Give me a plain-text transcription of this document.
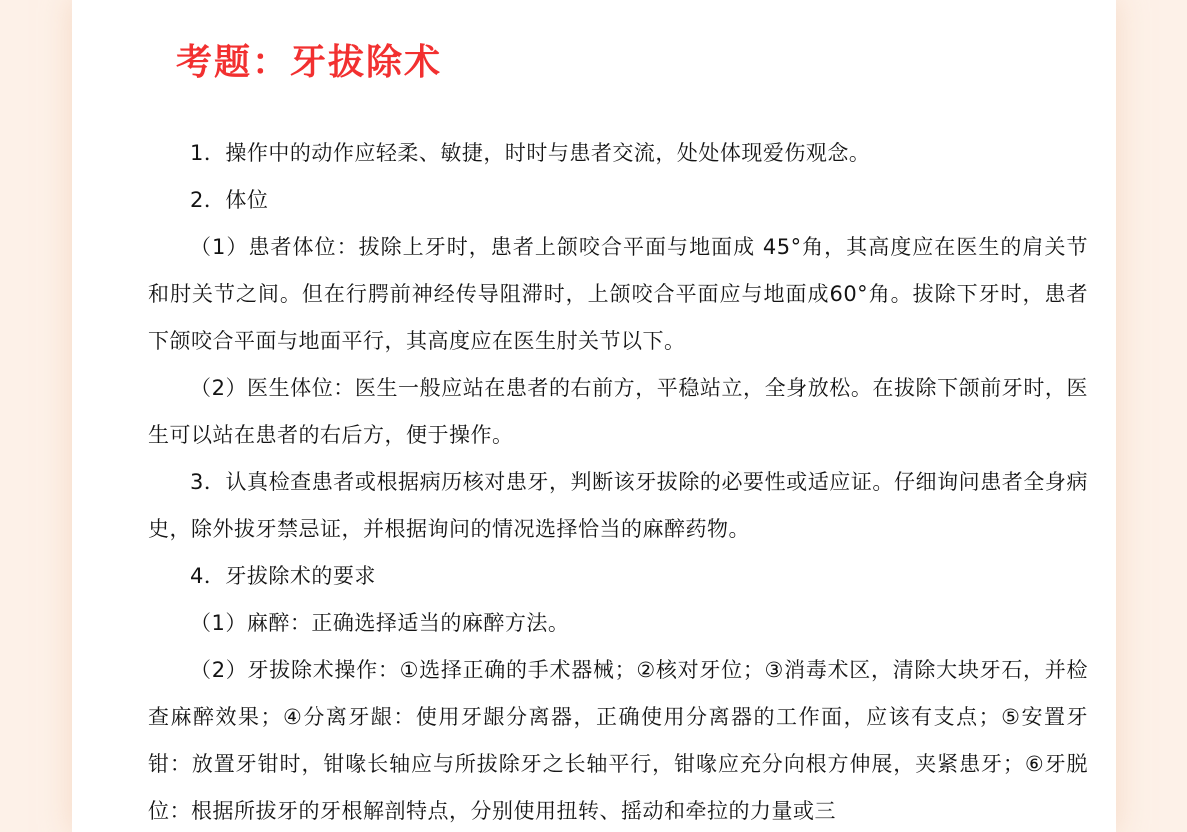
考题：牙拔除术

1．操作中的动作应轻柔、敏捷，时时与患者交流，处处体现爱伤观念。

2．体位

（1）患者体位：拔除上牙时，患者上颌咬合平面与地面成 45°角，其高度应在医生的肩关节和肘关节之间。但在行腭前神经传导阻滞时，上颌咬合平面应与地面成60°角。拔除下牙时，患者下颌咬合平面与地面平行，其高度应在医生肘关节以下。

（2）医生体位：医生一般应站在患者的右前方，平稳站立，全身放松。在拔除下颌前牙时，医生可以站在患者的右后方，便于操作。

3．认真检查患者或根据病历核对患牙，判断该牙拔除的必要性或适应证。仔细询问患者全身病史，除外拔牙禁忌证，并根据询问的情况选择恰当的麻醉药物。

4．牙拔除术的要求

（1）麻醉：正确选择适当的麻醉方法。

（2）牙拔除术操作：①选择正确的手术器械；②核对牙位；③消毒术区，清除大块牙石，并检查麻醉效果；④分离牙龈：使用牙龈分离器，正确使用分离器的工作面，应该有支点；⑤安置牙钳：放置牙钳时，钳喙长轴应与所拔除牙之长轴平行，钳喙应充分向根方伸展，夹紧患牙；⑥牙脱位：根据所拔牙的牙根解剖特点，分别使用扭转、摇动和牵拉的力量或三
